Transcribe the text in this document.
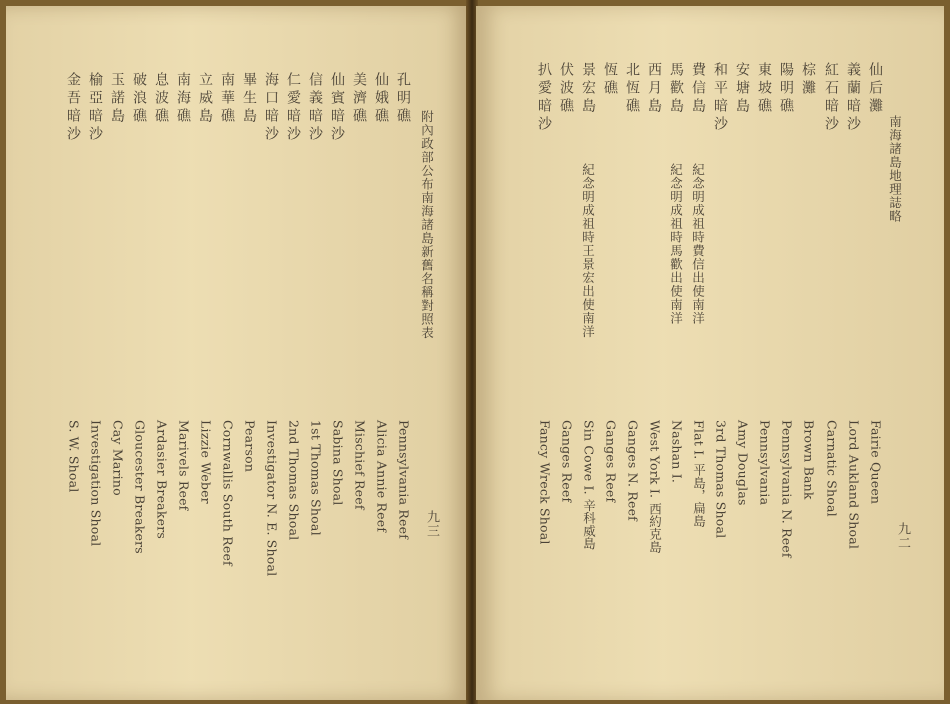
南海諸島地理誌略
九二
仙后灘
義蘭暗沙
紅石暗沙
棕灘
陽明礁
東坡礁
安塘島
和平暗沙
費信島
馬歡島
西月島
北恆礁
恆礁
景宏島
伏波礁
扒愛暗沙
Fairie Queen
Lord Aukland Shoal
Carnatic Shoal
Brown Bank
Pennsylvania N. Reef
Pennsylvania
Amy Douglas
3rd Thomas Shoal
Flat I. 平島，扁島
Nashan I.
West York I. 西約克島
Ganges N. Reef
Ganges Reef
Sin Cowe I. 辛科威島
Ganges Reef
Fancy Wreck Shoal
紀念明成祖時費信出使南洋
紀念明成祖時馬歡出使南洋
紀念明成祖時王景宏出使南洋
附內政部公布南海諸島新舊名稱對照表
九三
孔明礁
仙娥礁
美濟礁
仙賓暗沙
信義暗沙
仁愛暗沙
海口暗沙
畢生島
南華礁
立威島
南海礁
息波礁
破浪礁
玉諾島
榆亞暗沙
金吾暗沙
Pennsylvania Reef
Alicia Annie Reef
Mischief Reef
Sabina Shoal
1st Thomas Shoal
2nd Thomas Shoal
Investigator N. E. Shoal
Pearson
Cornwallis South Reef
Lizzie Weber
Marivels Reef
Ardasier Breakers
Gloucester Breakers
Cay Marino
Investigation Shoal
S. W. Shoal
